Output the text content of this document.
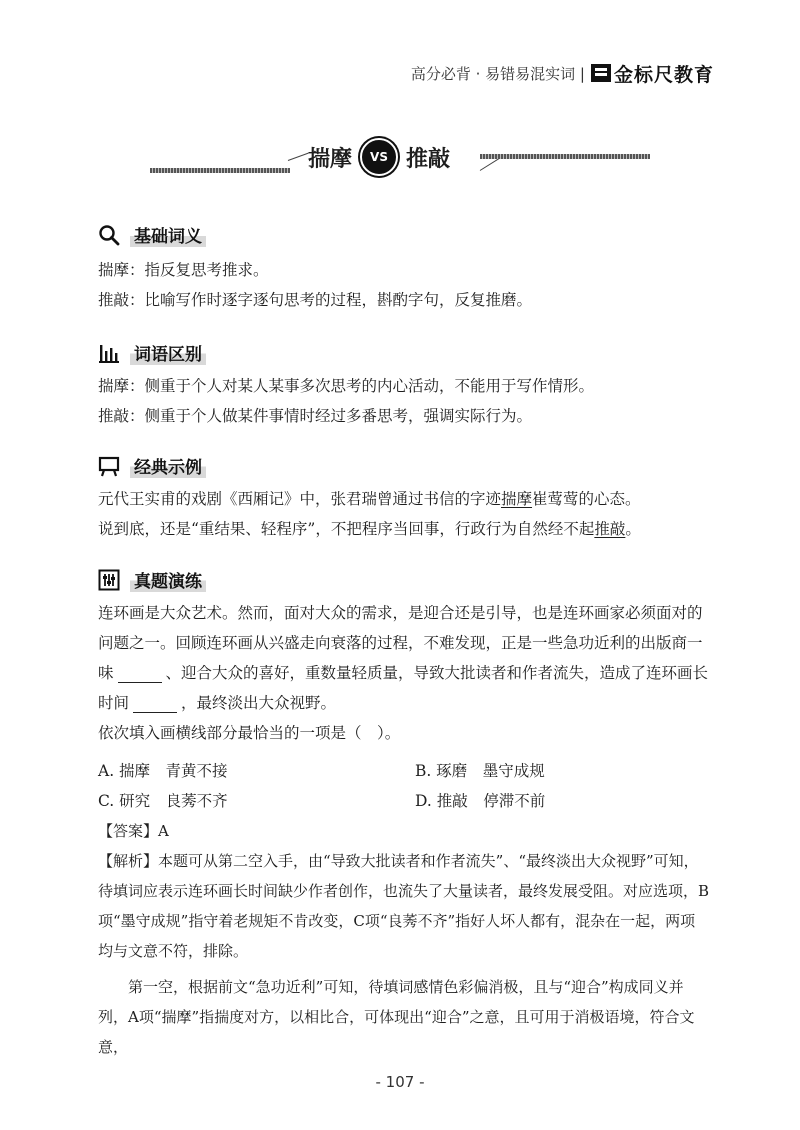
高分必背 · 易错易混实词 | 金标尺教育
揣摩	VS 推敲
基础词义

揣摩：指反复思考推求。

推敲：比喻写作时逐字逐句思考的过程，斟酌字句，反复推磨。

词语区别

揣摩：侧重于个人对某人某事多次思考的内心活动，不能用于写作情形。

推敲：侧重于个人做某件事情时经过多番思考，强调实际行为。

经典示例

元代王实甫的戏剧《西厢记》中，张君瑞曾通过书信的字迹揣摩崔莺莺的心态。

说到底，还是“重结果、轻程序”，不把程序当回事，行政行为自然经不起推敲。

真题演练

连环画是大众艺术。然而，面对大众的需求，是迎合还是引导，也是连环画家必须面对的问题之一。回顾连环画从兴盛走向衰落的过程，不难发现，正是一些急功近利的出版商一味	、迎合大众的喜好，重数量轻质量，导致大批读者和作者流失，造成了连环画长时间	，最终淡出大众视野。

依次填入画横线部分最恰当的一项是（　）。

A. 揣摩　青黄不接	B. 琢磨　墨守成规
C. 研究　良莠不齐	D. 推敲　停滞不前

【答案】A

【解析】本题可从第二空入手，由“导致大批读者和作者流失”、“最终淡出大众视野”可知，待填词应表示连环画长时间缺少作者创作，也流失了大量读者，最终发展受阻。对应选项，B项“墨守成规”指守着老规矩不肯改变，C项“良莠不齐”指好人坏人都有，混杂在一起，两项均与文意不符，排除。

第一空，根据前文“急功近利”可知，待填词感情色彩偏消极，且与“迎合”构成同义并列，A项“揣摩”指揣度对方，以相比合，可体现出“迎合”之意，且可用于消极语境，符合文意，

- 107 -
